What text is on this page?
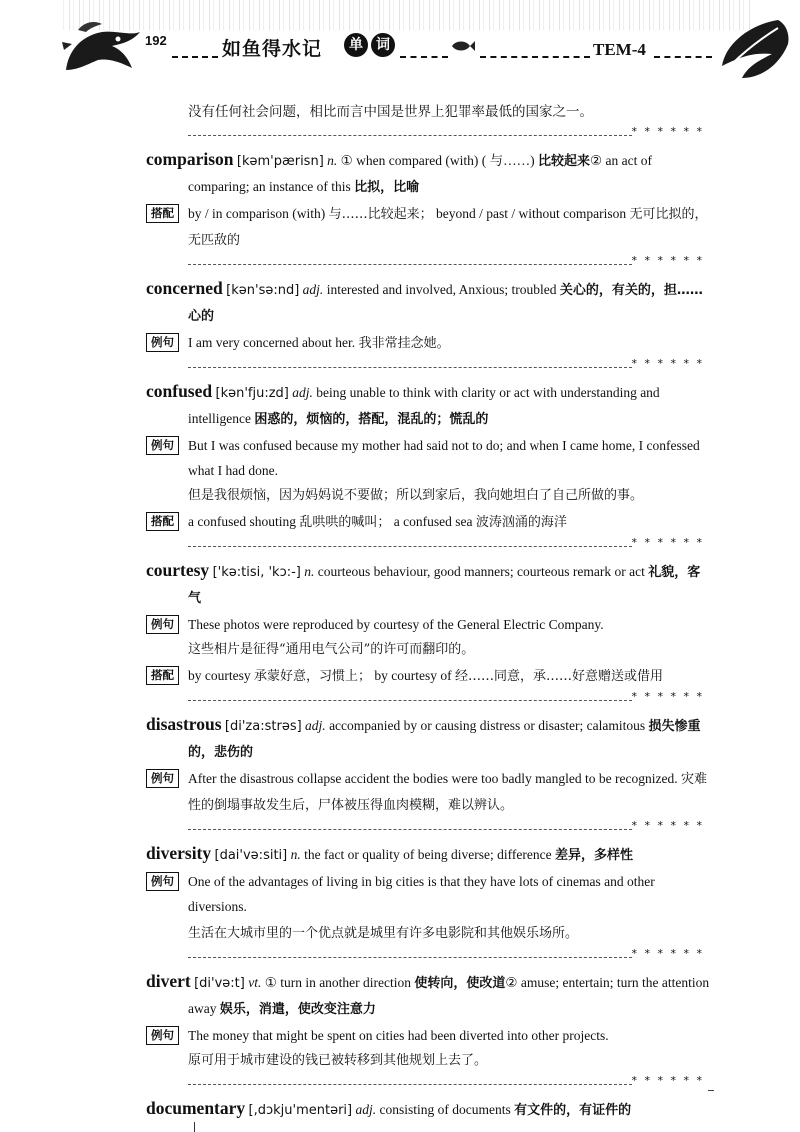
192	如鱼得水记	单 词	TEM-4
没有任何社会问题，相比而言中国是世界上犯罪率最低的国家之一。
* * * * * *
comparison [kəm'pærisn] n. ① when compared (with) ( 与……) 比较起来② an act of comparing; an instance of this 比拟，比喻
搭配	by / in comparison (with) 与……比较起来； beyond / past / without comparison 无可比拟的，无匹敌的
* * * * * *
concerned [kən'sə:nd] adj. interested and involved, Anxious; troubled 关心的，有关的，担……心的
例句	I am very concerned about her. 我非常挂念她。
* * * * * *
confused [kən'fju:zd] adj. being unable to think with clarity or act with understanding and intelligence 困惑的，烦恼的，搭配，混乱的；慌乱的
例句	But I was confused because my mother had said not to do; and when I came home, I confessed what I had done.
但是我很烦恼，因为妈妈说不要做；所以到家后，我向她坦白了自己所做的事。
搭配	a confused shouting 乱哄哄的喊叫； a confused sea 波涛汹涌的海洋
* * * * * *
courtesy ['kə:tisi, 'kɔ:-] n. courteous behaviour, good manners; courteous remark or act 礼貌，客气
例句	These photos were reproduced by courtesy of the General Electric Company.
这些相片是征得“通用电气公司”的许可而翻印的。
搭配	by courtesy 承蒙好意，习惯上； by courtesy of 经……同意，承……好意赠送或借用
* * * * * *
disastrous [di'za:strəs] adj. accompanied by or causing distress or disaster; calamitous 损失惨重的，悲伤的
例句	After the disastrous collapse accident the bodies were too badly mangled to be recognized. 灾难性的倒塌事故发生后，尸体被压得血肉模糊，难以辨认。
* * * * * *
diversity [dai'və:siti] n. the fact or quality of being diverse; difference 差异，多样性
例句	One of the advantages of living in big cities is that they have lots of cinemas and other diversions.
生活在大城市里的一个优点就是城里有许多电影院和其他娱乐场所。
* * * * * *
divert [di'və:t] vt. ① turn in another direction 使转向，使改道② amuse; entertain; turn the attention away 娱乐，消遣，使改变注意力
例句	The money that might be spent on cities had been diverted into other projects.
原可用于城市建设的钱已被转移到其他规划上去了。
* * * * * *
documentary [,dɔkju'mentəri] adj. consisting of documents 有文件的，有证件的
